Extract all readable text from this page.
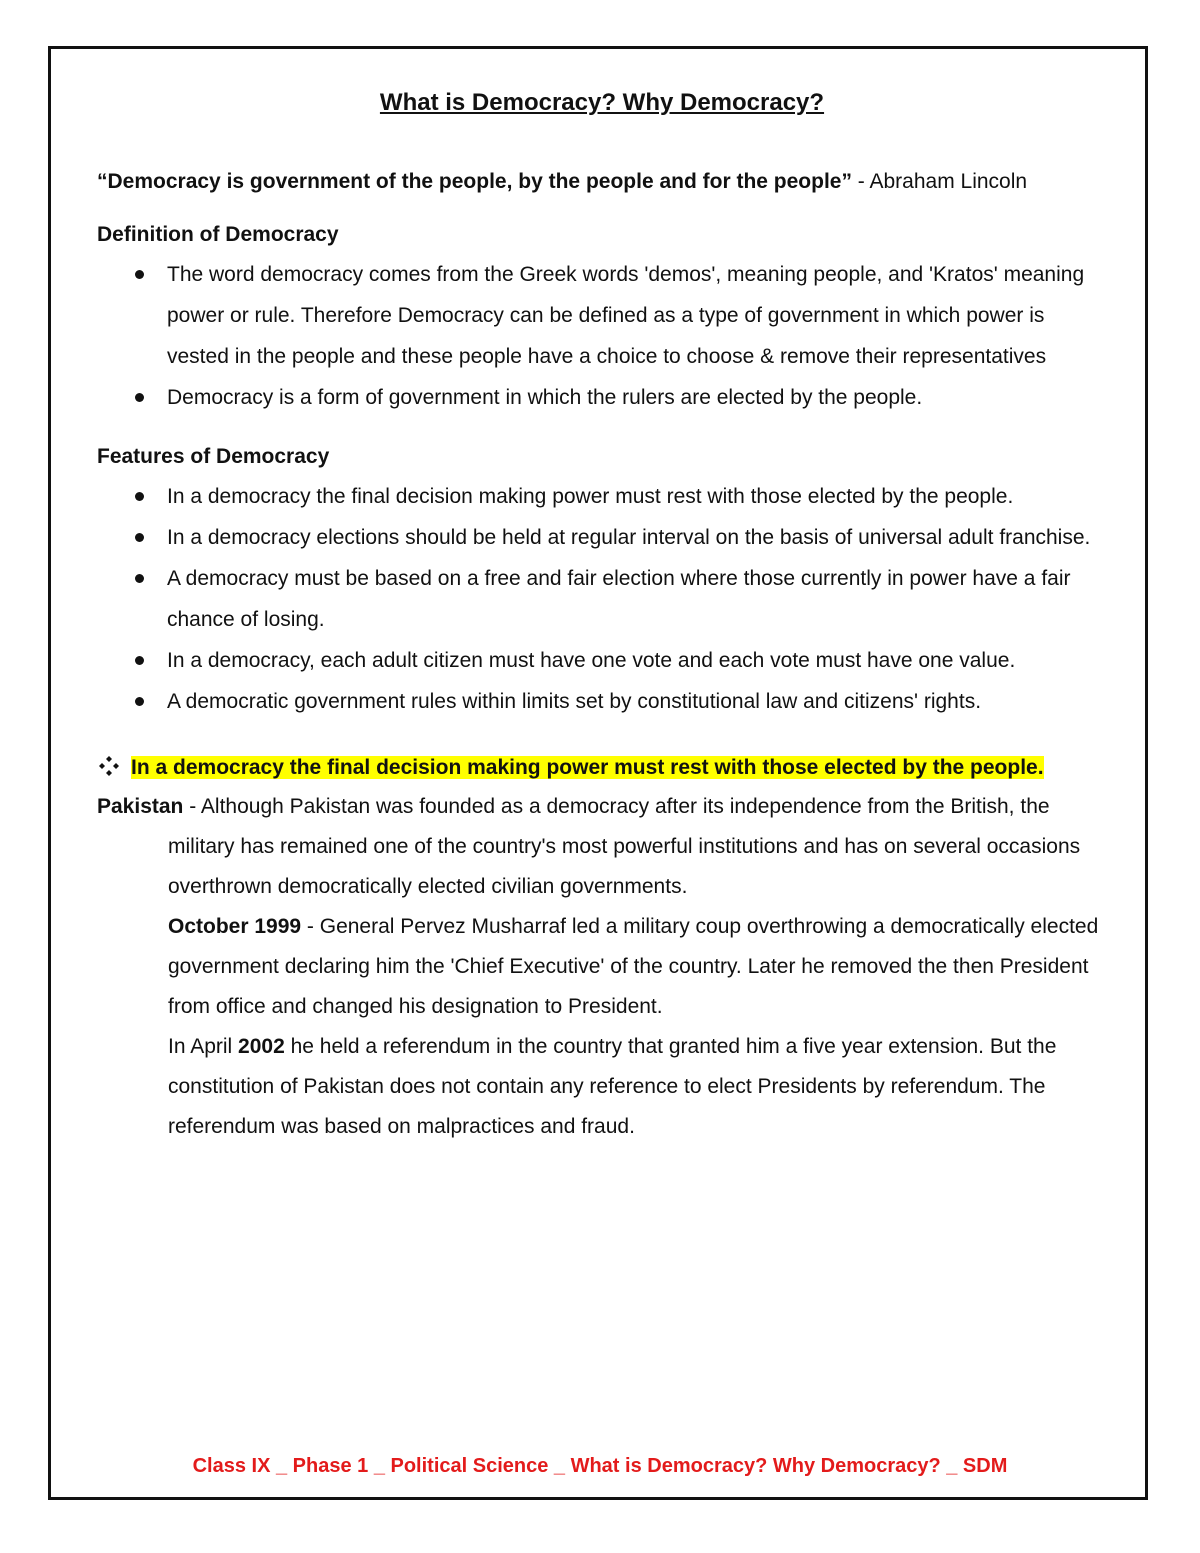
What is Democracy? Why Democracy?

“Democracy is government of the people, by the people and for the people” - Abraham Lincoln

Definition of Democracy

The word democracy comes from the Greek words 'demos', meaning people, and 'Kratos' meaning power or rule. Therefore Democracy can be defined as a type of government in which power is vested in the people and these people have a choice to choose & remove their representatives
Democracy is a form of government in which the rulers are elected by the people.

Features of Democracy

In a democracy the final decision making power must rest with those elected by the people.
In a democracy elections should be held at regular interval on the basis of universal adult franchise.
A democracy must be based on a free and fair election where those currently in power have a fair chance of losing.
In a democracy, each adult citizen must have one vote and each vote must have one value.
A democratic government rules within limits set by constitutional law and citizens' rights.
In a democracy the final decision making power must rest with those elected by the people.
Pakistan - Although Pakistan was founded as a democracy after its independence from the British, the military has remained one of the country's most powerful institutions and has on several occasions overthrown democratically elected civilian governments.
October 1999 - General Pervez Musharraf led a military coup overthrowing a democratically elected government declaring him the 'Chief Executive' of the country. Later he removed the then President from office and changed his designation to President.
In April 2002 he held a referendum in the country that granted him a five year extension. But the constitution of Pakistan does not contain any reference to elect Presidents by referendum. The referendum was based on malpractices and fraud.
Class IX _ Phase 1 _ Political Science _ What is Democracy? Why Democracy? _ SDM
